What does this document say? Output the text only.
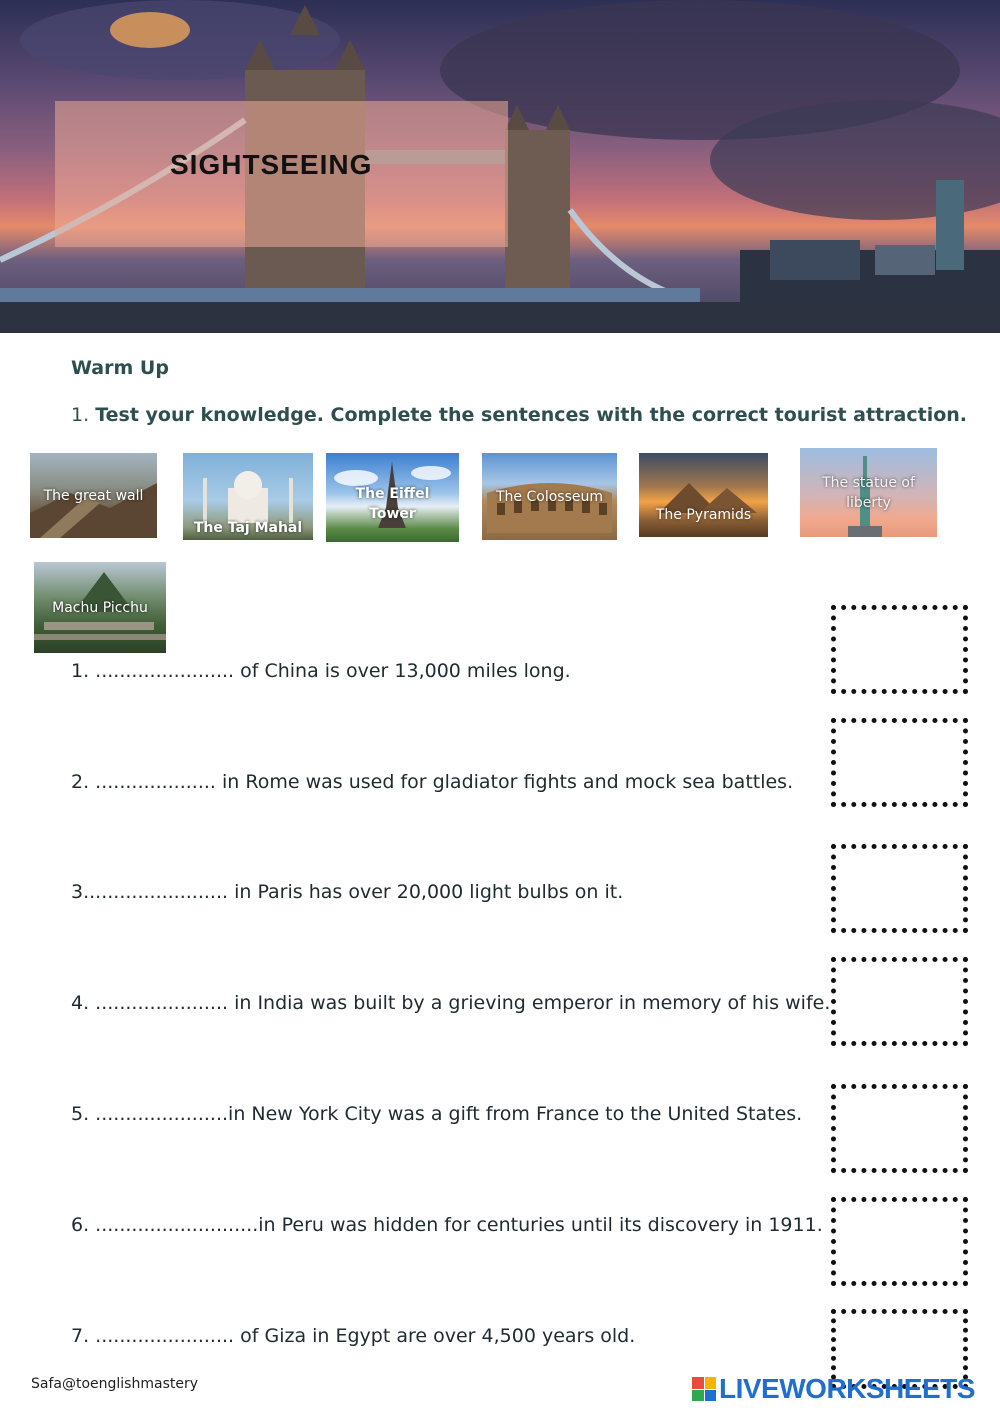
SIGHTSEEING
Warm Up
1. Test your knowledge. Complete the sentences with the correct tourist attraction.
The great wall
The Taj Mahal
The Eiffel Tower
The Colosseum
The Pyramids
The statue of liberty
Machu Picchu
1. ....................... of China is over 13,000 miles long.
2. .................... in Rome was used for gladiator fights and mock sea battles.
3........................ in Paris has over 20,000 light bulbs on it.
4. ...................... in India was built by a grieving emperor in memory of his wife.
5. ......................in New York City was a gift from France to the United States.
6. ...........................in Peru was hidden for centuries until its discovery in 1911.
7. ....................... of Giza in Egypt are over 4,500 years old.
Safa@toenglishmastery	LIVEWORKSHEETS
